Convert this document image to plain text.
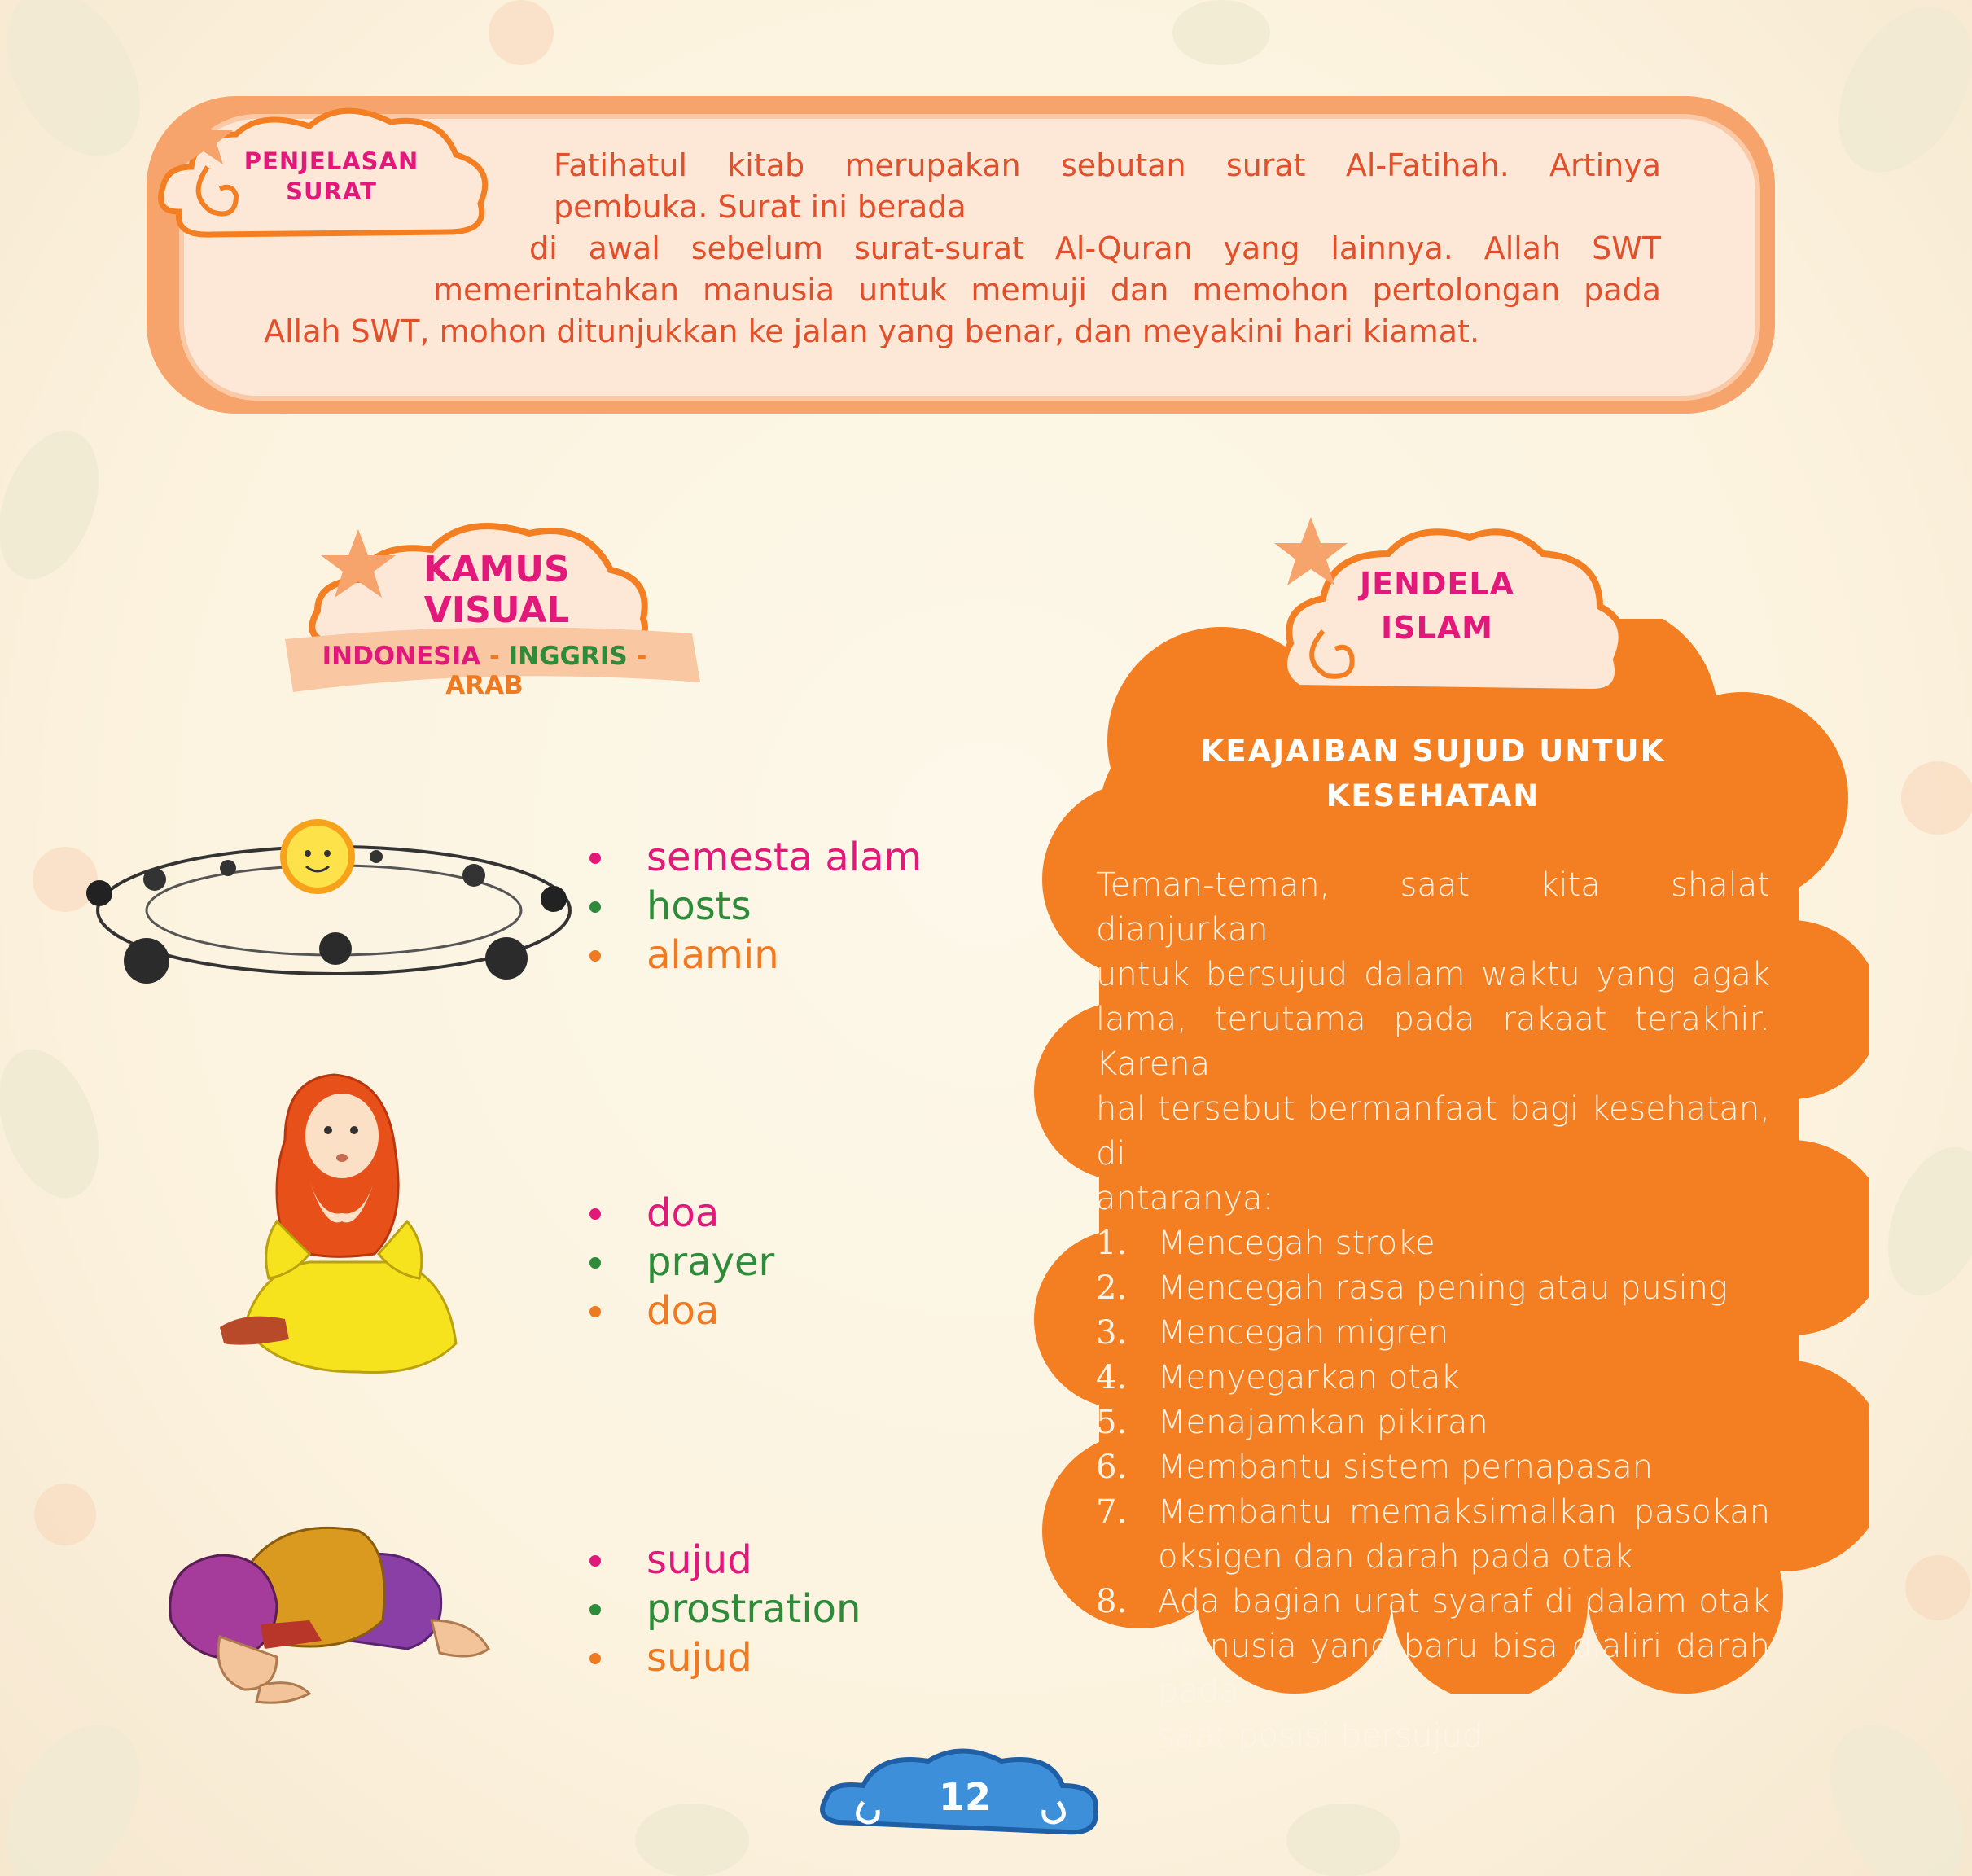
PENJELASAN
SURAT
Fatihatul kitab merupakan sebutan surat Al-Fatihah. Artinya
pembuka. Surat ini berada
di awal sebelum surat-surat Al-Quran yang lainnya. Allah SWT
memerintahkan manusia untuk memuji dan memohon pertolongan pada
Allah SWT, mohon ditunjukkan ke jalan yang benar, dan meyakini hari kiamat.
KAMUS
VISUAL
INDONESIA - INGGRIS - ARAB
semesta alam
hosts
alamin
doa
prayer
doa
sujud
prostration
sujud
JENDELA
ISLAM
KEAJAIBAN SUJUD UNTUK
KESEHATAN
Teman-teman, saat kita shalat dianjurkan
untuk bersujud dalam waktu yang agak
lama, terutama pada rakaat terakhir. Karena
hal tersebut bermanfaat bagi kesehatan, di
antaranya:
1. Mencegah stroke
2. Mencegah rasa pening atau pusing
3. Mencegah migren
4. Menyegarkan otak
5. Menajamkan pikiran
6. Membantu sistem pernapasan
7. Membantu memaksimalkan pasokan
oksigen dan darah pada otak
8. Ada bagian urat syaraf di dalam otak
manusia yang baru bisa dialiri darah pada
saat posisi bersujud
12
